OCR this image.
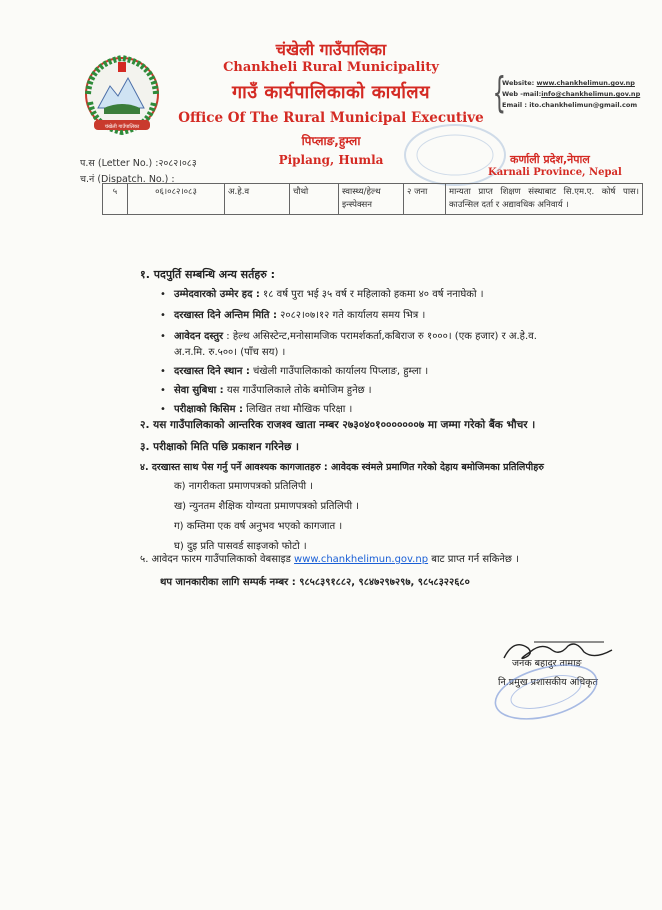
चंखेली गाउँपालिका
चंखेली गाउँपालिका
Chankheli Rural Municipality
गाउँ कार्यपालिकाको कार्यालय
Office Of The Rural Municipal Executive
पिप्लाङ,हुम्ला
Piplang, Humla
{
Website: www.chankhelimun.gov.np
Web -mail:info@chankhelimun.gov.np
Email : ito.chankhelimun@gmail.com
कर्णाली प्रदेश,नेपाल
Karnali Province, Nepal
प.स (Letter No.) :२०८२।०८३
च.नं (Dispatch. No.) :
५	०६।०८२।०८३	अ.हे.व	चौथो	स्वास्थ्य/हेल्थ इन्स्पेक्सन	२ जना	मान्यता प्राप्त शिक्षण संस्थाबाट सि.एम.ए. कोर्ष पास।काउन्सिल दर्ता र अद्यावधिक अनिवार्य ।
१. पदपुर्ति सम्बन्धि अन्य सर्तहरु :
• उम्मेदवारको उम्मेर हद : १८ वर्ष पुरा भई ३५ वर्ष र महिलाको हकमा ४० वर्ष ननाघेको ।
• दरखास्त दिने अन्तिम मिति : २०८२।०७।१२ गते कार्यालय समय भित्र ।
• आवेदन दस्तुर : हेल्थ असिस्टेन्ट,मनोसामजिक परामर्शकर्ता,कबिराज रु १०००। (एक हजार) र अ.हे.व.
अ.न.मि. रु.५००। (पाँच सय) ।
• दरखास्त दिने स्थान : चंखेली गाउँपालिकाको कार्यालय पिप्लाङ, हुम्ला ।
• सेवा सुबिधा : यस गाउँपालिकाले तोके बमोजिम हुनेछ ।
• परीक्षाको किसिम : लिखित तथा मौखिक परिक्षा ।
२. यस गाउँपालिकाको आन्तरिक राजश्व खाता नम्बर २७३०४०१०००००००७ मा जम्मा गरेको बैंक भौचर ।
३. परीक्षाको मिति पछि प्रकाशन गरिनेछ ।
४. दरखास्त साथ पेस गर्नु पर्ने आवश्यक कागजातहरु : आवेदक स्वंमले प्रमाणित गरेको देहाय बमोजिमका प्रतिलिपीहरु
क) नागरीकता प्रमाणपत्रको प्रतिलिपी ।
ख) न्युनतम शैक्षिक योग्यता प्रमाणपत्रको प्रतिलिपी ।
ग) कम्तिमा एक वर्ष अनुभव भएको कागजात ।
घ) दुइ प्रति पासवर्ड साइजको फोटो ।
५. आवेदन फारम गाउँपालिकाको वेबसाइड www.chankhelimun.gov.np बाट प्राप्त गर्न सकिनेछ ।
थप जानकारीका लागि सम्पर्क नम्बर : ९८५८३९१८८२, ९८४७२९७२९७, ९८५८३२२६८०
जनक बहादुर तामाङ
नि.प्रमुख प्रशासकीय अधिकृत
